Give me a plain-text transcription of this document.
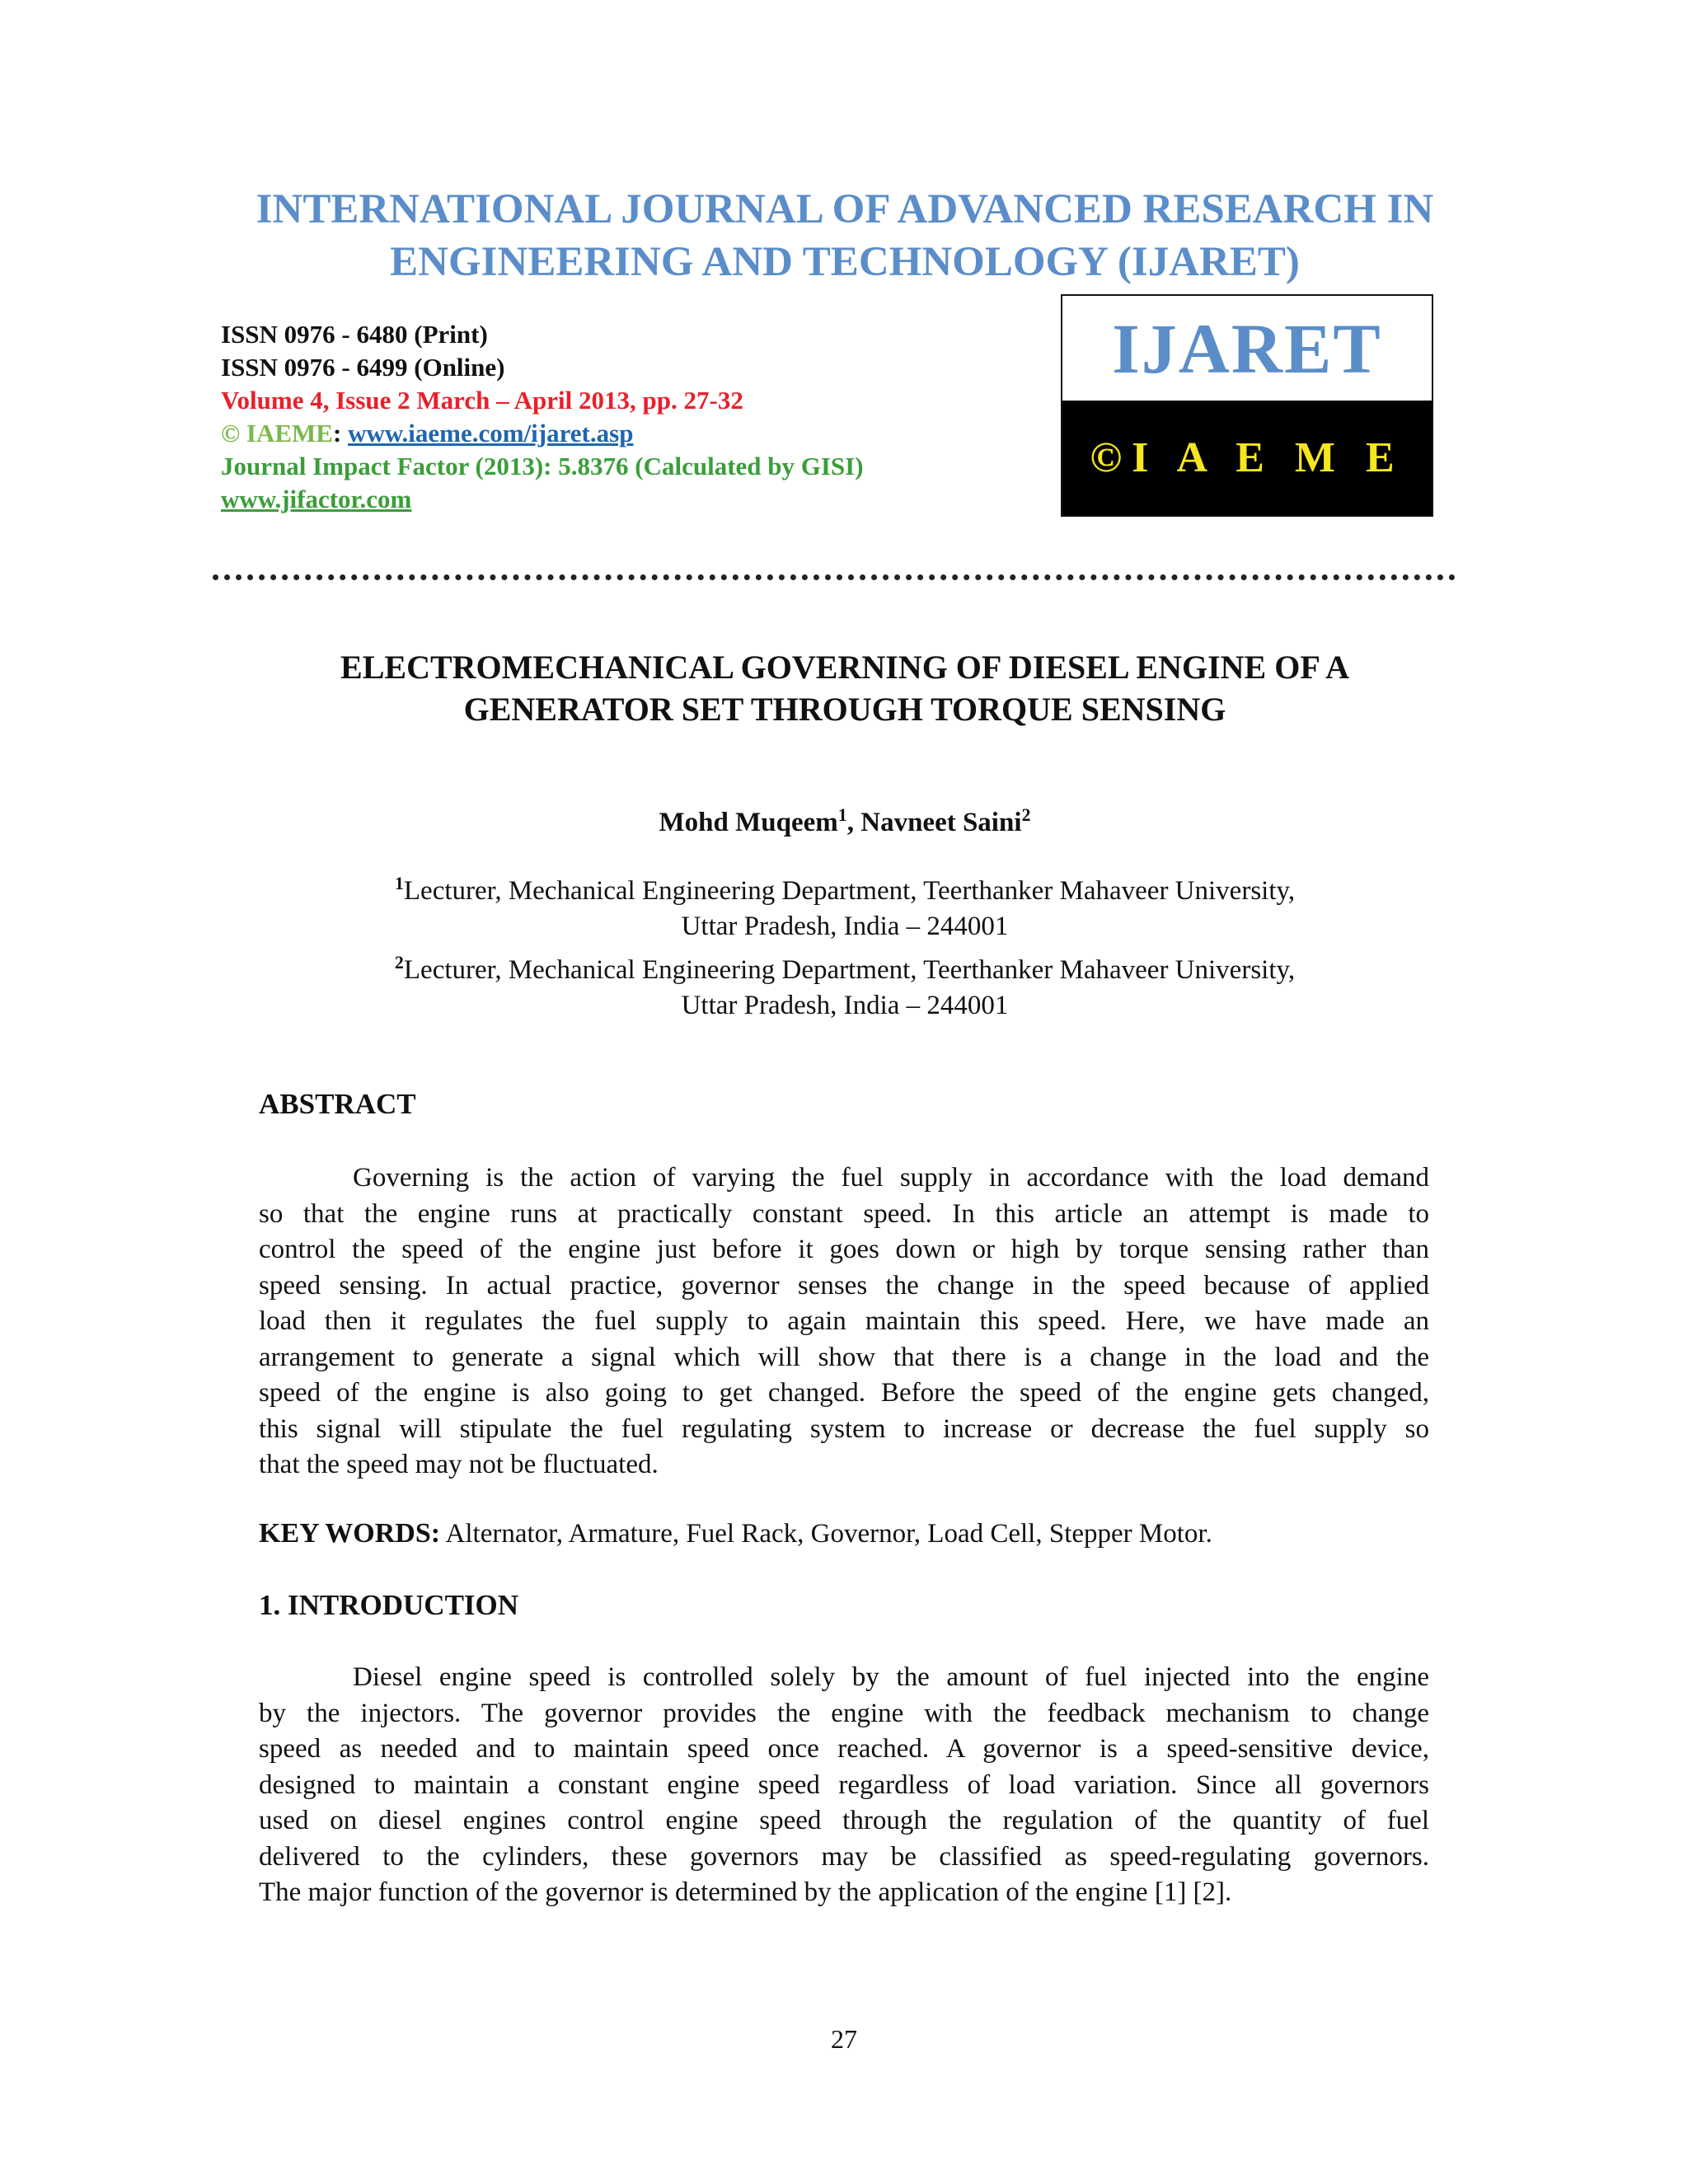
INTERNATIONAL JOURNAL OF ADVANCED RESEARCH IN
ENGINEERING AND TECHNOLOGY (IJARET)
ISSN 0976 - 6480 (Print)
ISSN 0976 - 6499 (Online)
Volume 4, Issue 2 March – April 2013, pp. 27-32
© IAEME: www.iaeme.com/ijaret.asp
Journal Impact Factor (2013): 5.8376 (Calculated by GISI)
www.jifactor.com
IJARET
©I A E M E
ELECTROMECHANICAL GOVERNING OF DIESEL ENGINE OF A
GENERATOR SET THROUGH TORQUE SENSING
Mohd Muqeem$^1$, Navneet Saini$^2$
$^1$Lecturer, Mechanical Engineering Department, Teerthanker Mahaveer University,
Uttar Pradesh, India – 244001
$^2$Lecturer, Mechanical Engineering Department, Teerthanker Mahaveer University,
Uttar Pradesh, India – 244001
ABSTRACT
Governing is the action of varying the fuel supply in accordance with the load demand
so that the engine runs at practically constant speed. In this article an attempt is made to
control the speed of the engine just before it goes down or high by torque sensing rather than
speed sensing. In actual practice, governor senses the change in the speed because of applied
load then it regulates the fuel supply to again maintain this speed. Here, we have made an
arrangement to generate a signal which will show that there is a change in the load and the
speed of the engine is also going to get changed. Before the speed of the engine gets changed,
this signal will stipulate the fuel regulating system to increase or decrease the fuel supply so
that the speed may not be fluctuated.
KEY WORDS: Alternator, Armature, Fuel Rack, Governor, Load Cell, Stepper Motor.
1. INTRODUCTION
Diesel engine speed is controlled solely by the amount of fuel injected into the engine
by the injectors. The governor provides the engine with the feedback mechanism to change
speed as needed and to maintain speed once reached. A governor is a speed-sensitive device,
designed to maintain a constant engine speed regardless of load variation. Since all governors
used on diesel engines control engine speed through the regulation of the quantity of fuel
delivered to the cylinders, these governors may be classified as speed-regulating governors.
The major function of the governor is determined by the application of the engine [1] [2].
27
